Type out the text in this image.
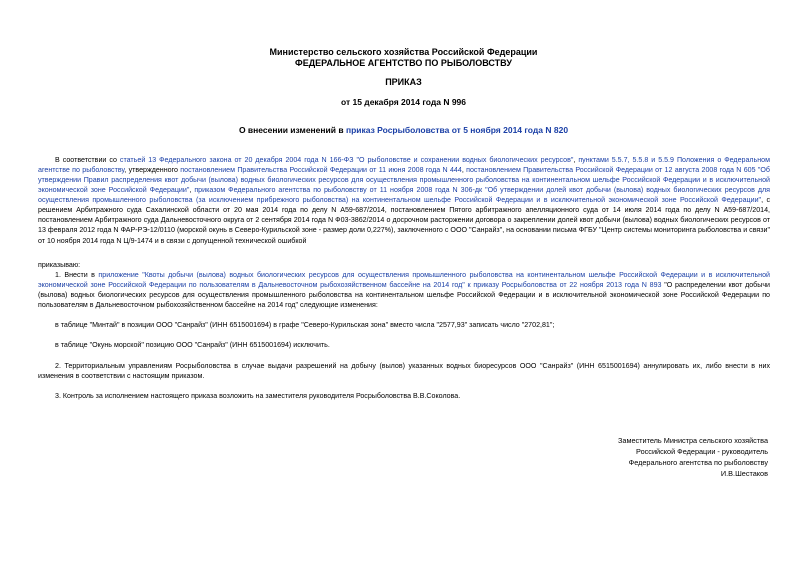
Министерство сельского хозяйства Российской Федерации
ФЕДЕРАЛЬНОЕ АГЕНТСТВО ПО РЫБОЛОВСТВУ
ПРИКАЗ
от 15 декабря 2014 года N 996
О внесении изменений в приказ Росрыболовства от 5 ноября 2014 года N 820
В соответствии со статьей 13 Федерального закона от 20 декабря 2004 года N 166-ФЗ "О рыболовстве и сохранении водных биологических ресурсов", пунктами 5.5.7, 5.5.8 и 5.5.9 Положения о Федеральном агентстве по рыболовству, утвержденного постановлением Правительства Российской Федерации от 11 июня 2008 года N 444, постановлением Правительства Российской Федерации от 12 августа 2008 года N 605 "Об утверждении Правил распределения квот добычи (вылова) водных биологических ресурсов для осуществления промышленного рыболовства на континентальном шельфе Российской Федерации и в исключительной экономической зоне Российской Федерации", приказом Федерального агентства по рыболовству от 11 ноября 2008 года N 306-дк "Об утверждении долей квот добычи (вылова) водных биологических ресурсов для осуществления промышленного рыболовства (за исключением прибрежного рыболовства) на континентальном шельфе Российской Федерации и в исключительной экономической зоне Российской Федерации", с решением Арбитражного суда Сахалинской области от 20 мая 2014 года по делу N А59-687/2014, постановлением Пятого арбитражного апелляционного суда от 14 июля 2014 года по делу N А59-687/2014, постановлением Арбитражного суда Дальневосточного округа от 2 сентября 2014 года N Ф03-3862/2014 о досрочном расторжении договора о закреплении долей квот добычи (вылова) водных биологических ресурсов от 13 февраля 2012 года N ФАР-РЭ-12/0110 (морской окунь в Северо-Курильской зоне - размер доли 0,227%), заключенного с ООО "Санрайз", на основании письма ФГБУ "Центр системы мониторинга рыболовства и связи" от 10 ноября 2014 года N Ц/9-1474 и в связи с допущенной технической ошибкой
приказываю:
1. Внести в приложение "Квоты добычи (вылова) водных биологических ресурсов для осуществления промышленного рыболовства на континентальном шельфе Российской Федерации и в исключительной экономической зоне Российской Федерации по пользователям в Дальневосточном рыбохозяйственном бассейне на 2014 год" к приказу Росрыболовства от 22 ноября 2013 года N 893 "О распределении квот добычи (вылова) водных биологических ресурсов для осуществления промышленного рыболовства на континентальном шельфе Российской Федерации и в исключительной экономической зоне Российской Федерации по пользователям в Дальневосточном рыбохозяйственном бассейне на 2014 год" следующие изменения:
в таблице "Минтай" в позиции ООО "Санрайз" (ИНН 6515001694) в графе "Северо-Курильская зона" вместо числа "2577,93" записать число "2702,81";
в таблице "Окунь морской" позицию ООО "Санрайз" (ИНН 6515001694) исключить.
2. Территориальным управлениям Росрыболовства в случае выдачи разрешений на добычу (вылов) указанных водных биоресурсов ООО "Санрайз" (ИНН 6515001694) аннулировать их, либо внести в них изменения в соответствии с настоящим приказом.
3. Контроль за исполнением настоящего приказа возложить на заместителя руководителя Росрыболовства В.В.Соколова.
Заместитель Министра сельского хозяйства
Российской Федерации - руководитель
Федерального агентства по рыболовству
И.В.Шестаков
